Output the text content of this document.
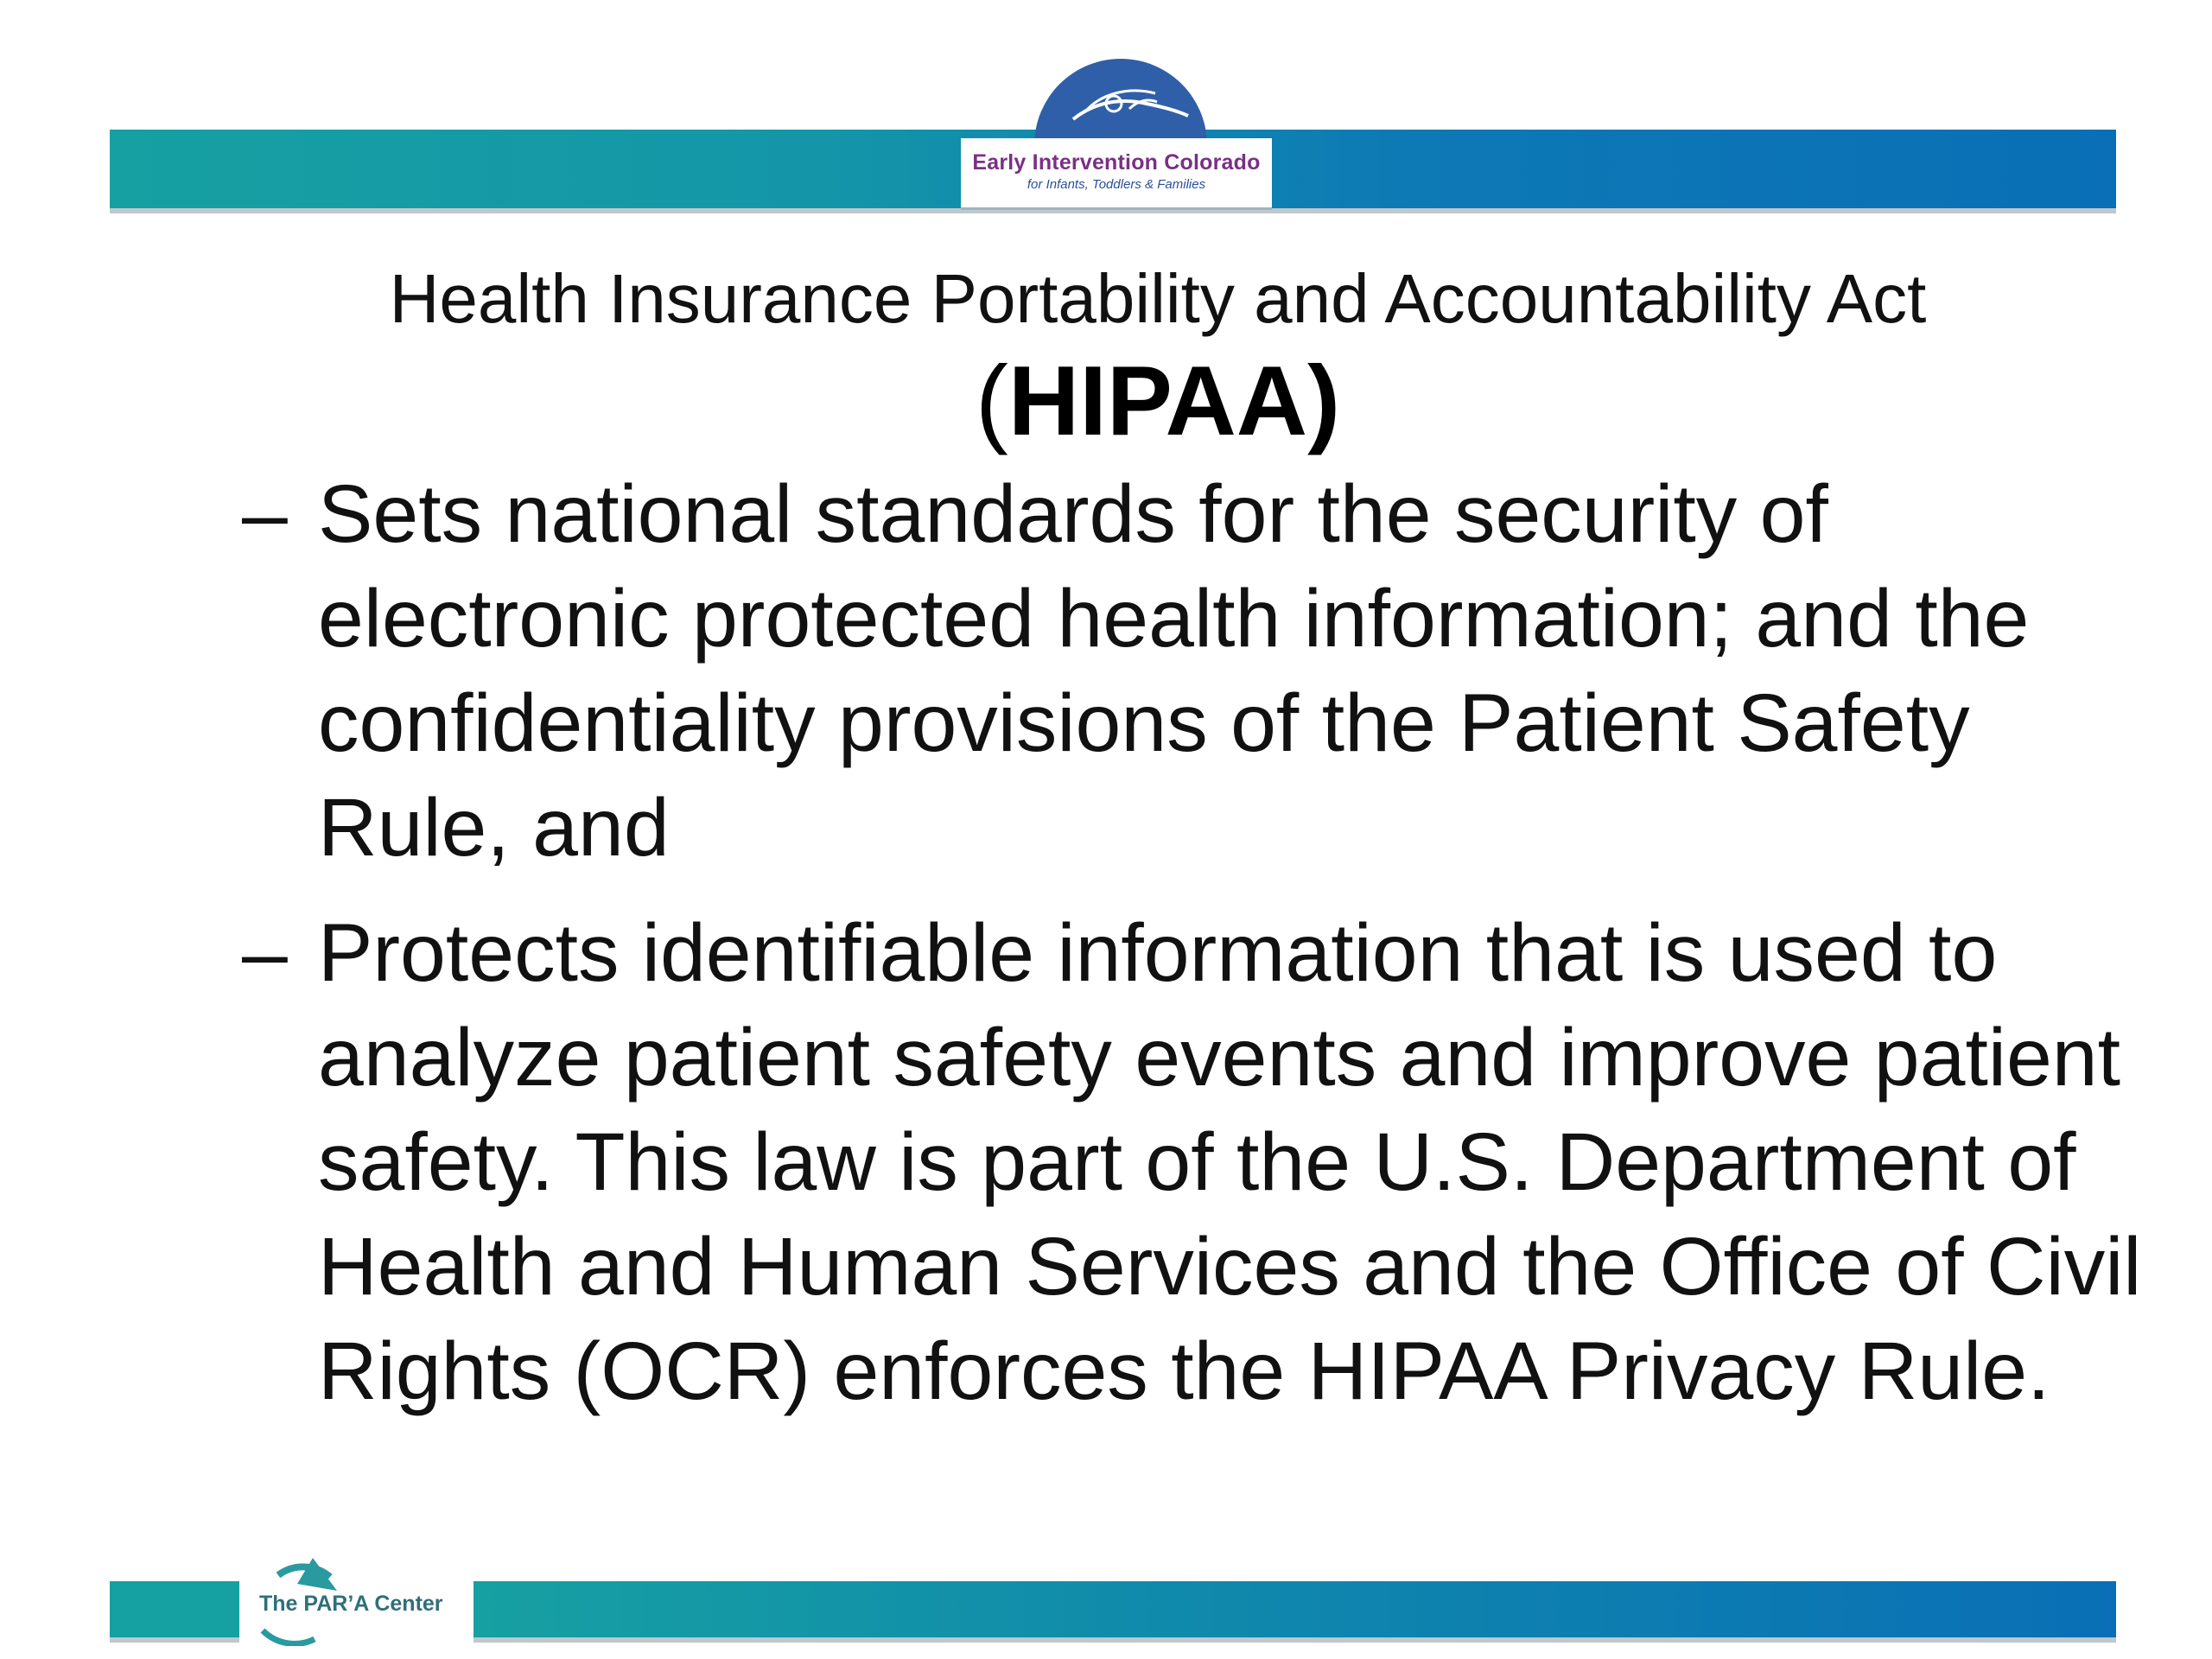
Early Intervention Colorado
for Infants, Toddlers & Families
Health Insurance Portability and Accountability Act
(HIPAA)
– Sets national standards for the security of electronic protected health information; and the confidentiality provisions of the Patient Safety Rule, and
– Protects identifiable information that is used to analyze patient safety events and improve patient safety. This law is part of the U.S. Department of Health and Human Services and the Office of Civil Rights (OCR) enforces the HIPAA Privacy Rule.
The PAR’A Center
45
